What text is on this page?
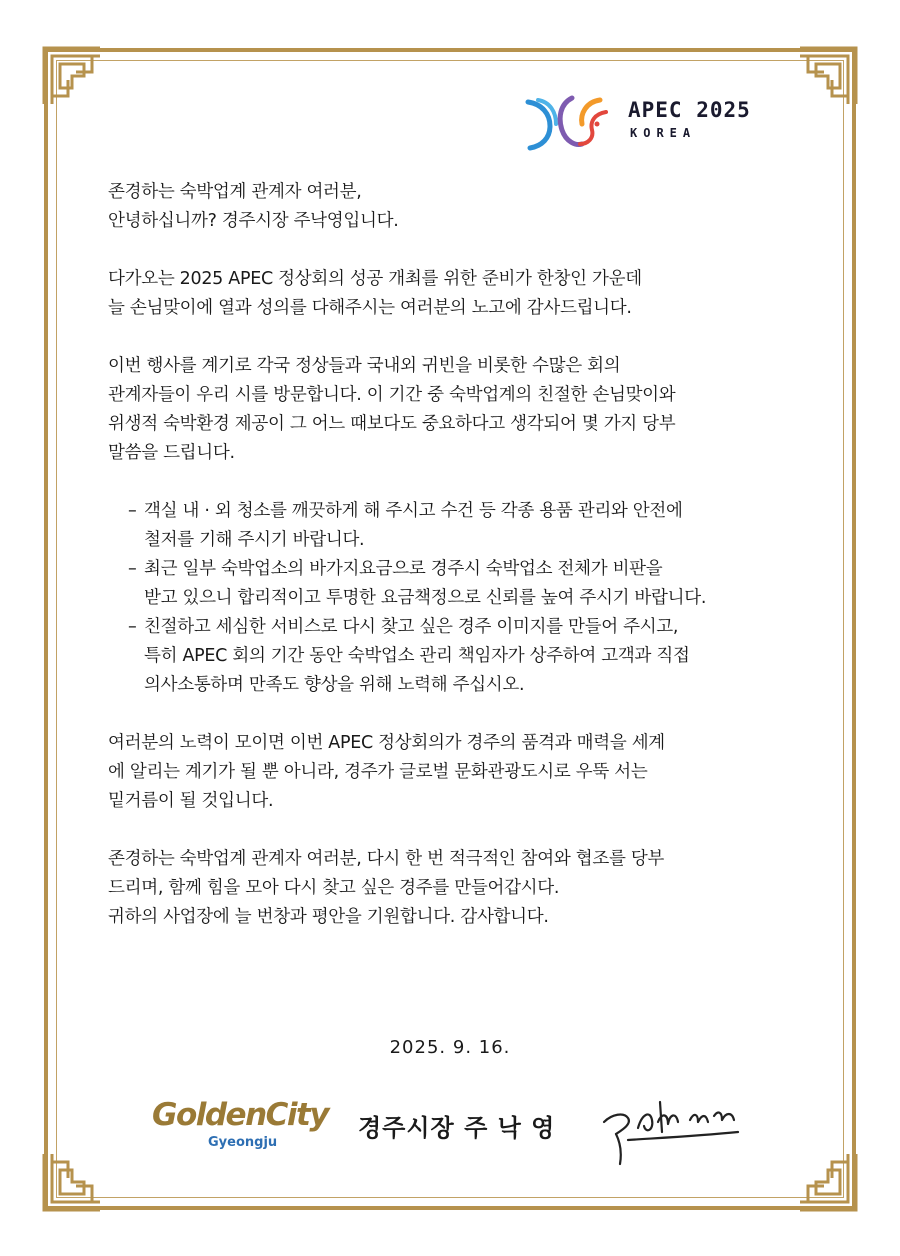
APEC 2025
KOREA

존경하는 숙박업계 관계자 여러분,
안녕하십니까? 경주시장 주낙영입니다.

다가오는 2025 APEC 정상회의 성공 개최를 위한 준비가 한창인 가운데
늘 손님맞이에 열과 성의를 다해주시는 여러분의 노고에 감사드립니다.

이번 행사를 계기로 각국 정상들과 국내외 귀빈을 비롯한 수많은 회의
관계자들이 우리 시를 방문합니다. 이 기간 중 숙박업계의 친절한 손님맞이와
위생적 숙박환경 제공이 그 어느 때보다도 중요하다고 생각되어 몇 가지 당부
말씀을 드립니다.

– 객실 내 · 외 청소를 깨끗하게 해 주시고 수건 등 각종 용품 관리와 안전에
철저를 기해 주시기 바랍니다.
– 최근 일부 숙박업소의 바가지요금으로 경주시 숙박업소 전체가 비판을
받고 있으니 합리적이고 투명한 요금책정으로 신뢰를 높여 주시기 바랍니다.
– 친절하고 세심한 서비스로 다시 찾고 싶은 경주 이미지를 만들어 주시고,
특히 APEC 회의 기간 동안 숙박업소 관리 책임자가 상주하여 고객과 직접
의사소통하며 만족도 향상을 위해 노력해 주십시오.

여러분의 노력이 모이면 이번 APEC 정상회의가 경주의 품격과 매력을 세계
에 알리는 계기가 될 뿐 아니라, 경주가 글로벌 문화관광도시로 우뚝 서는
밑거름이 될 것입니다.

존경하는 숙박업계 관계자 여러분, 다시 한 번 적극적인 참여와 협조를 당부
드리며, 함께 힘을 모아 다시 찾고 싶은 경주를 만들어갑시다.
귀하의 사업장에 늘 번창과 평안을 기원합니다. 감사합니다.

2025. 9. 16.
GoldenCity
Gyeongju
경주시장 주 낙 영
